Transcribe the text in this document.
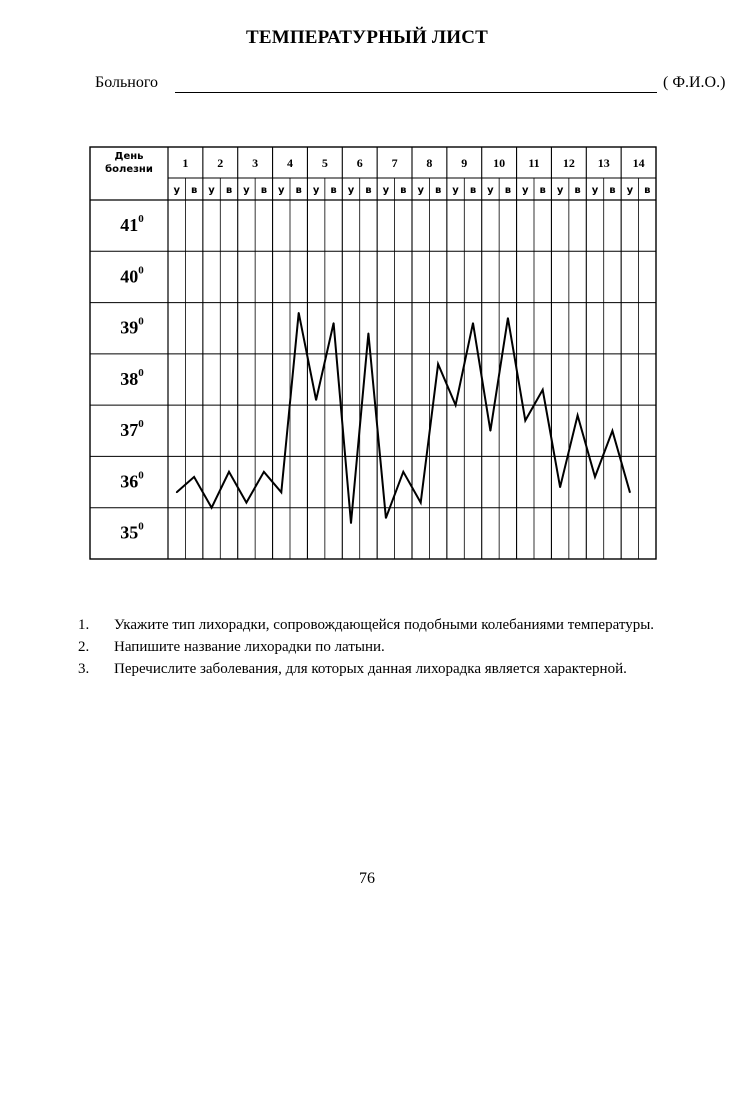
ТЕМПЕРАТУРНЫЙ ЛИСТ
Больного	( Ф.И.О.)
День
болезни 1 2 3 4 5 6 7 8 9 10 11 12 13 14
у в у в у в у в у в у в у в у в у в у в у в у в у в у в
$41^0$
$40^0$
$39^0$
$38^0$
$37^0$
$36^0$
$35^0$
1. Укажите тип лихорадки, сопровождающейся подобными колебаниями температуры.
2. Напишите название лихорадки по латыни.
3. Перечислите заболевания, для которых данная лихорадка является характерной.
76
